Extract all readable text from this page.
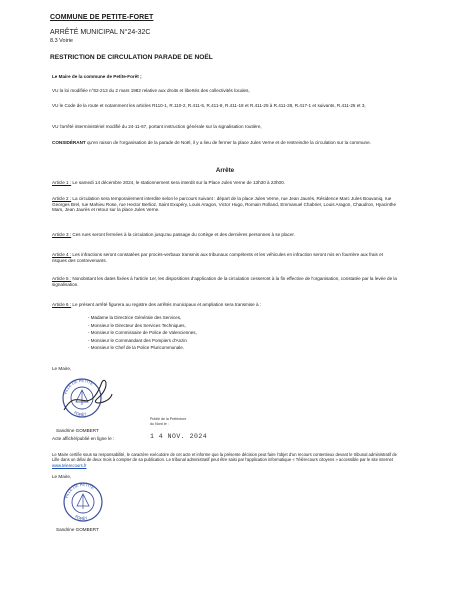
COMMUNE DE PETITE-FORET
ARRÊTÉ MUNICIPAL N°24-32C
8.3 Voirie
RESTRICTION DE CIRCULATION PARADE DE NOËL
Le Maire de la commune de Petite-Forêt ;
VU la loi modifiée n°82-213 du 2 mars 1982 relative aux droits et libertés des collectivités locales,
VU le Code de la route et notamment les articles R110-1, R.110-2, R.411-5, R.411-8, R.411-18 et R.411-25 à R.411-28, R.417-1 et suivants, R.411-25 et 3,
VU l'arrêté interministériel modifié du 24-11-67, portant instruction générale sur la signalisation routière,
CONSIDÉRANT qu'en raison de l'organisation de la parade de Noël, il y a lieu de fermer la place Jules Verne et de restreindre la circulation sur la commune.
Arrête
Article 1 : Le samedi 14 décembre 2024, le stationnement sera interdit sur la Place Jules Verne de 13h30 à 23h00.
Article 2 : La circulation sera temporairement interdite selon le parcours suivant : départ de la place Jules Verne, rue Jean Jaurès, Résidence Marc Jules Bouvaniq, rue Georges Brel, rue Mahieu Rose, rue Hector Berlioz, Saint Exupéry, Louis Aragon, Victor Hugo, Romain Rolland, Emmanuel Chabrier, Louis Aragon, Chaudron, Hyacinthe Mars, Jean Jaurès et retour sur la place Jules Verne.
Article 3 : Ces rues seront fermées à la circulation jusqu'au passage du cortège et des dernières personnes à se placer.
Article 4 : Les infractions seront constatées par procès-verbaux transmis aux tribunaux compétents et les véhicules en infraction seront mis en fourrière aux frais et risques des contrevenants.
Article 5 : Nonobstant les dates fixées à l'article 1er, les dispositions d'application de la circulation cesseront à la fin effective de l'organisation, constatée par la levée de la signalisation.
Article 6 : Le présent arrêté figurera au registre des arrêtés municipaux et ampliation sera transmise à :
- Madame la Directrice Générale des Services,
- Monsieur le Directeur des Services Techniques,
- Monsieur le Commissaire de Police de Valenciennes,
- Monsieur le Commandant des Pompiers d'Anzin
- Monsieur le Chef de la Police Pluricommunale.
Le Maire,
VILLE DE PETITE
FORÊT
Sandrine GOMBERT
Publié de la Préfecture
du Nord le :
Acte affiché/publié en ligne le :	1 4 NOV. 2024
Le Maire certifie sous sa responsabilité, le caractère exécutoire de cet acte et informe que la présente décision peut faire l'objet d'un recours contentieux devant le tribunal administratif de Lille dans un délai de deux mois à compter de sa publication. Le tribunal administratif peut être saisi par l'application informatique « Télérecours citoyens » accessible par le site internet www.telerecours.fr
Le Maire,
VILLE DE PETITE
FORÊT
Sandrine GOMBERT
